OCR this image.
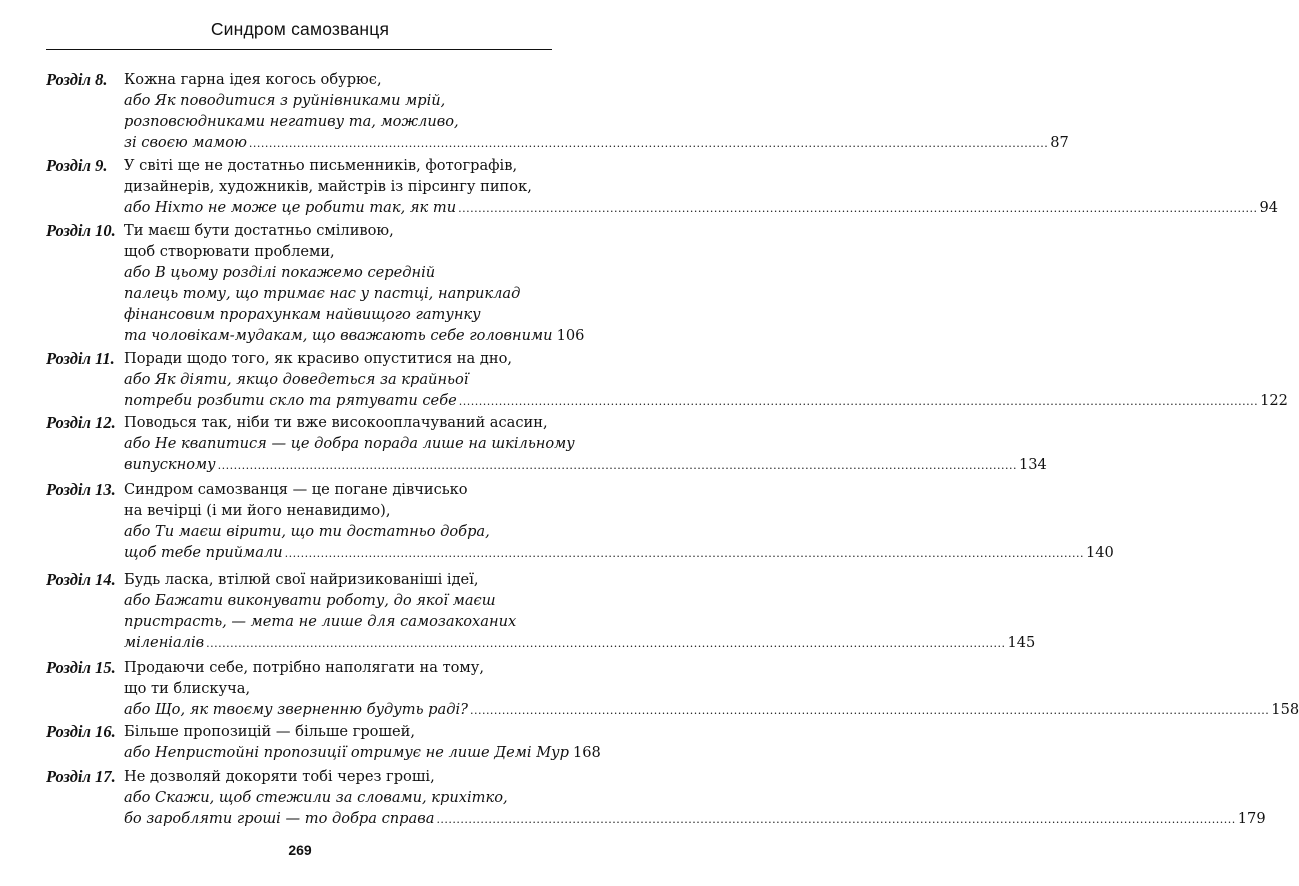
Синдром самозванця
Розділ 8. Кожна гарна ідея когось обурює,
або Як поводитися з руйнівниками мрій,
розповсюдниками негативу та, можливо,
зі своєю мамою ........................................................................................................................................................................................................ 87
Розділ 9. У світі ще не достатньо письменників, фотографів,
дизайнерів, художників, майстрів із пірсингу пипок,
або Ніхто не може це робити так, як ти ........................................................................................................................................................................................................ 94
Розділ 10. Ти маєш бути достатньо сміливою,
щоб створювати проблеми,
або В цьому розділі покажемо середній
палець тому, що тримає нас у пастці, наприклад
фінансовим прорахункам найвищого гатунку
та чоловікам-мудакам, що вважають себе головними 106
Розділ 11. Поради щодо того, як красиво опуститися на дно,
або Як діяти, якщо доведеться за крайньої
потреби розбити скло та рятувати себе ........................................................................................................................................................................................................ 122
Розділ 12. Поводься так, ніби ти вже високооплачуваний асасин,
або Не квапитися — це добра порада лише на шкільному
випускному ........................................................................................................................................................................................................ 134
Розділ 13. Синдром самозванця — це погане дівчисько
на вечірці (і ми його ненавидимо),
або Ти маєш вірити, що ти достатньо добра,
щоб тебе приймали ........................................................................................................................................................................................................ 140
Розділ 14. Будь ласка, втілюй свої найризикованіші ідеї,
або Бажати виконувати роботу, до якої маєш
пристрасть, — мета не лише для самозакоханих
міленіалів ........................................................................................................................................................................................................ 145
Розділ 15. Продаючи себе, потрібно наполягати на тому,
що ти блискуча,
або Що, як твоєму зверненню будуть раді? ........................................................................................................................................................................................................ 158
Розділ 16. Більше пропозицій — більше грошей,
або Непристойні пропозиції отримує не лише Демі Мур 168
Розділ 17. Не дозволяй докоряти тобі через гроші,
або Скажи, щоб стежили за словами, крихітко,
бо заробляти гроші — то добра справа ........................................................................................................................................................................................................ 179
269
